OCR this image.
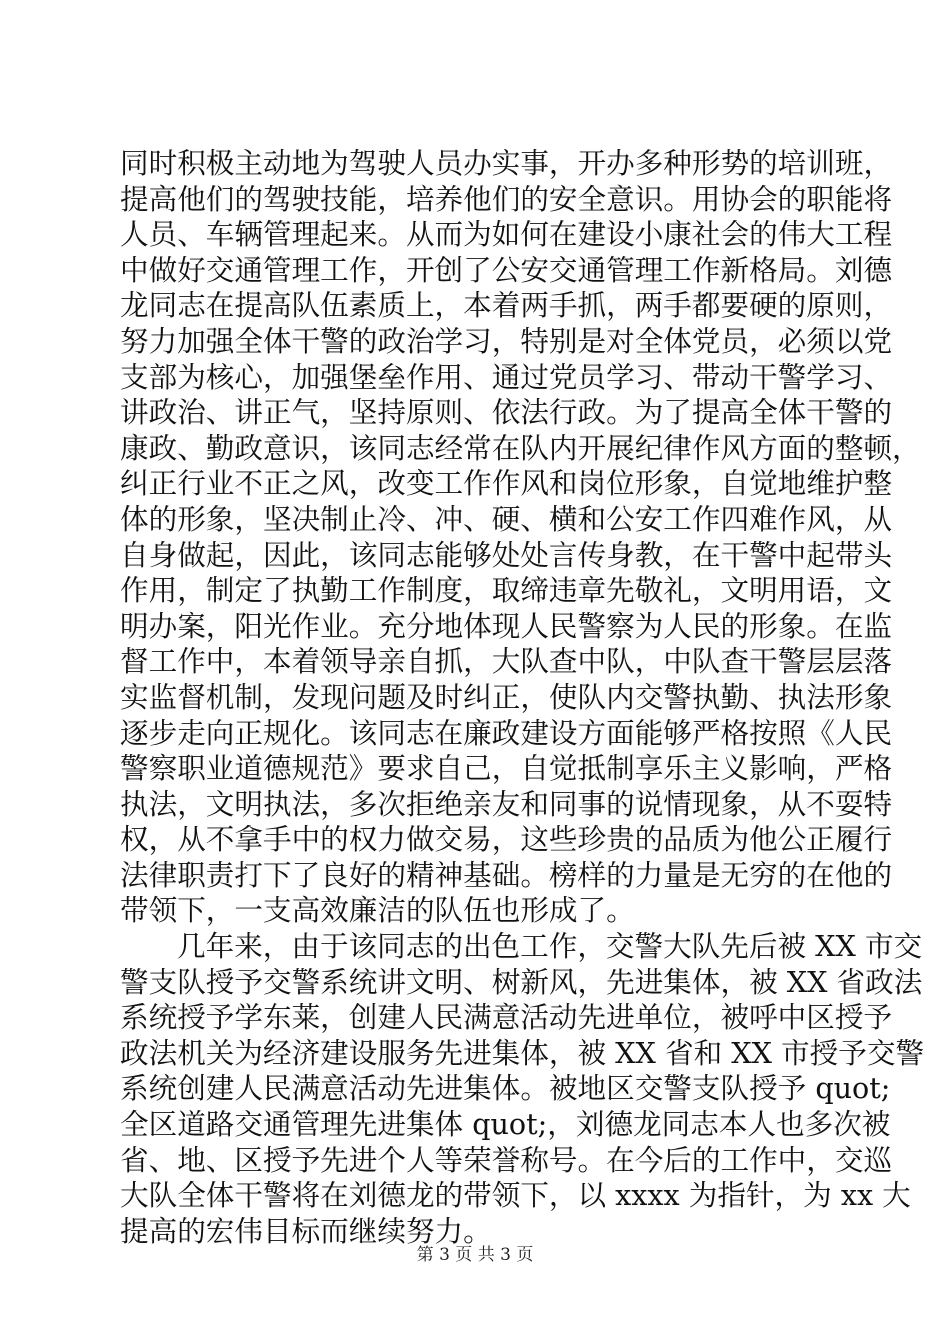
同时积极主动地为驾驶人员办实事，开办多种形势的培训班，
提高他们的驾驶技能，培养他们的安全意识。用协会的职能将
人员、车辆管理起来。从而为如何在建设小康社会的伟大工程
中做好交通管理工作，开创了公安交通管理工作新格局。刘德
龙同志在提高队伍素质上，本着两手抓，两手都要硬的原则，
努力加强全体干警的政治学习，特别是对全体党员，必须以党
支部为核心，加强堡垒作用、通过党员学习、带动干警学习、
讲政治、讲正气，坚持原则、依法行政。为了提高全体干警的
康政、勤政意识，该同志经常在队内开展纪律作风方面的整顿，
纠正行业不正之风，改变工作作风和岗位形象，自觉地维护整
体的形象，坚决制止冷、冲、硬、横和公安工作四难作风，从
自身做起，因此，该同志能够处处言传身教，在干警中起带头
作用，制定了执勤工作制度，取缔违章先敬礼，文明用语，文
明办案，阳光作业。充分地体现人民警察为人民的形象。在监
督工作中，本着领导亲自抓，大队查中队，中队查干警层层落
实监督机制，发现问题及时纠正，使队内交警执勤、执法形象
逐步走向正规化。该同志在廉政建设方面能够严格按照《人民
警察职业道德规范》要求自己，自觉抵制享乐主义影响，严格
执法，文明执法，多次拒绝亲友和同事的说情现象，从不耍特
权，从不拿手中的权力做交易，这些珍贵的品质为他公正履行
法律职责打下了良好的精神基础。榜样的力量是无穷的在他的
带领下，一支高效廉洁的队伍也形成了。
几年来，由于该同志的出色工作，交警大队先后被 XX 市交
警支队授予交警系统讲文明、树新风，先进集体，被 XX 省政法
系统授予学东莱，创建人民满意活动先进单位，被呼中区授予
政法机关为经济建设服务先进集体，被 XX 省和 XX 市授予交警
系统创建人民满意活动先进集体。被地区交警支队授予 quot;
全区道路交通管理先进集体 quot;，刘德龙同志本人也多次被
省、地、区授予先进个人等荣誉称号。在今后的工作中，交巡
大队全体干警将在刘德龙的带领下，以 xxxx 为指针，为 xx 大
提高的宏伟目标而继续努力。
第 3 页 共 3 页
